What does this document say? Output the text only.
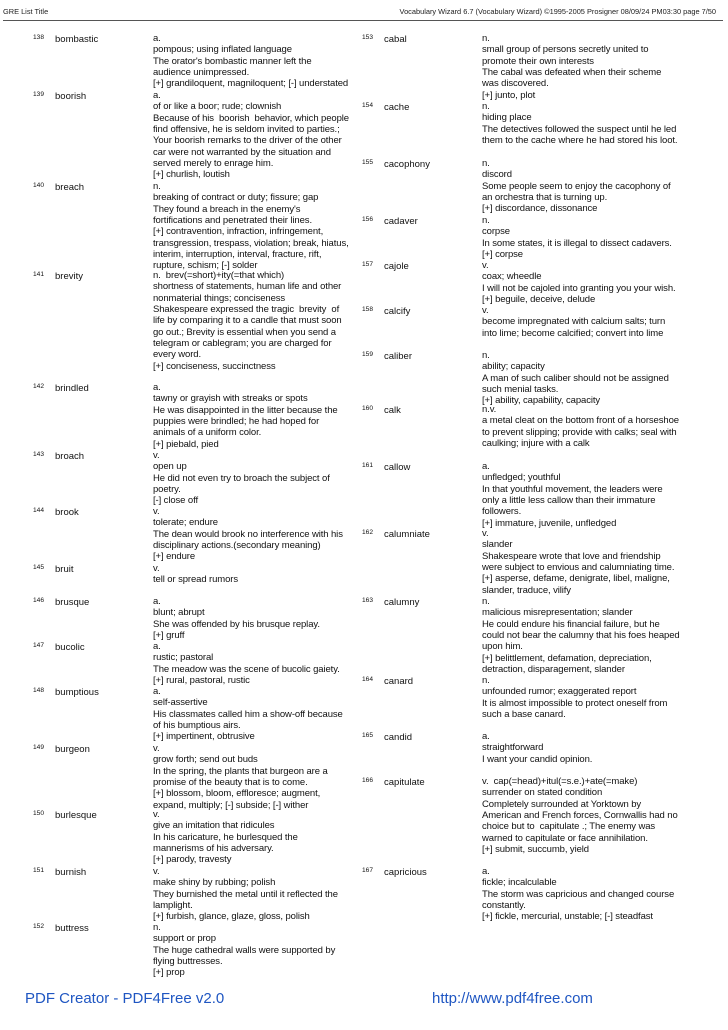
GRE List Title	Vocabulary Wizard 6.7 (Vocabulary Wizard) ©1995-2005 Prosigner 08/09/24 PM03:30 page 7/50
138	bombastic	a.
pompous; using inflated language
The orator's bombastic manner left the
audience unimpressed.
[+] grandiloquent, magniloquent; [-] understated
139	boorish	a.
of or like a boor; rude; clownish
Because of his  boorish  behavior, which people
find offensive, he is seldom invited to parties.;
Your boorish remarks to the driver of the other
car were not warranted by the situation and
served merely to enrage him.
[+] churlish, loutish
140	breach	n.
breaking of contract or duty; fissure; gap
They found a breach in the enemy's
fortifications and penetrated their lines.
[+] contravention, infraction, infringement,
transgression, trespass, violation; break, hiatus,
interim, interruption, interval, fracture, rift,
rupture, schism; [-] solder
141	brevity	n.  brev(=short)+ity(=that which)
shortness of statements, human life and other
nonmaterial things; conciseness
Shakespeare expressed the tragic  brevity  of
life by comparing it to a candle that must soon
go out.; Brevity is essential when you send a
telegram or cablegram; you are charged for
every word.
[+] conciseness, succinctness
142	brindled	a.
tawny or grayish with streaks or spots
He was disappointed in the litter because the
puppies were brindled; he had hoped for
animals of a uniform color.
[+] piebald, pied
143	broach	v.
open up
He did not even try to broach the subject of
poetry.
[-] close off
144	brook	v.
tolerate; endure
The dean would brook no interference with his
disciplinary actions.(secondary meaning)
[+] endure
145	bruit	v.
tell or spread rumors
146	brusque	a.
blunt; abrupt
She was offended by his brusque replay.
[+] gruff
147	bucolic	a.
rustic; pastoral
The meadow was the scene of bucolic gaiety.
[+] rural, pastoral, rustic
148	bumptious	a.
self-assertive
His classmates called him a show-off because
of his bumptious airs.
[+] impertinent, obtrusive
149	burgeon	v.
grow forth; send out buds
In the spring, the plants that burgeon are a
promise of the beauty that is to come.
[+] blossom, bloom, effloresce; augment,
expand, multiply; [-] subside; [-] wither
150	burlesque	v.
give an imitation that ridicules
In his caricature, he burlesqued the
mannerisms of his adversary.
[+] parody, travesty
151	burnish	v.
make shiny by rubbing; polish
They burnished the metal until it reflected the
lamplight.
[+] furbish, glance, glaze, gloss, polish
152	buttress	n.
support or prop
The huge cathedral walls were supported by
flying buttresses.
[+] prop
153	cabal	n.
small group of persons secretly united to
promote their own interests
The cabal was defeated when their scheme
was discovered.
[+] junto, plot
154	cache	n.
hiding place
The detectives followed the suspect until he led
them to the cache where he had stored his loot.
155	cacophony	n.
discord
Some people seem to enjoy the cacophony of
an orchestra that is turning up.
[+] discordance, dissonance
156	cadaver	n.
corpse
In some states, it is illegal to dissect cadavers.
[+] corpse
157	cajole	v.
coax; wheedle
I will not be cajoled into granting you your wish.
[+] beguile, deceive, delude
158	calcify	v.
become impregnated with calcium salts; turn
into lime; become calcified; convert into lime
159	caliber	n.
ability; capacity
A man of such caliber should not be assigned
such menial tasks.
[+] ability, capability, capacity
160	calk	n.v.
a metal cleat on the bottom front of a horseshoe
to prevent slipping; provide with calks; seal with
caulking; injure with a calk
161	callow	a.
unfledged; youthful
In that youthful movement, the leaders were
only a little less callow than their immature
followers.
[+] immature, juvenile, unfledged
162	calumniate	v.
slander
Shakespeare wrote that love and friendship
were subject to envious and calumniating time.
[+] asperse, defame, denigrate, libel, maligne,
slander, traduce, vilify
163	calumny	n.
malicious misrepresentation; slander
He could endure his financial failure, but he
could not bear the calumny that his foes heaped
upon him.
[+] belittlement, defamation, depreciation,
detraction, disparagement, slander
164	canard	n.
unfounded rumor; exaggerated report
It is almost impossible to protect oneself from
such a base canard.
165	candid	a.
straightforward
I want your candid opinion.
166	capitulate	v.  cap(=head)+itul(=s.e.)+ate(=make)
surrender on stated condition
Completely surrounded at Yorktown by
American and French forces, Cornwallis had no
choice but to  capitulate .; The enemy was
warned to capitulate or face annihilation.
[+] submit, succumb, yield
167	capricious	a.
fickle; incalculable
The storm was capricious and changed course
constantly.
[+] fickle, mercurial, unstable; [-] steadfast
PDF Creator - PDF4Free v2.0	http://www.pdf4free.com
